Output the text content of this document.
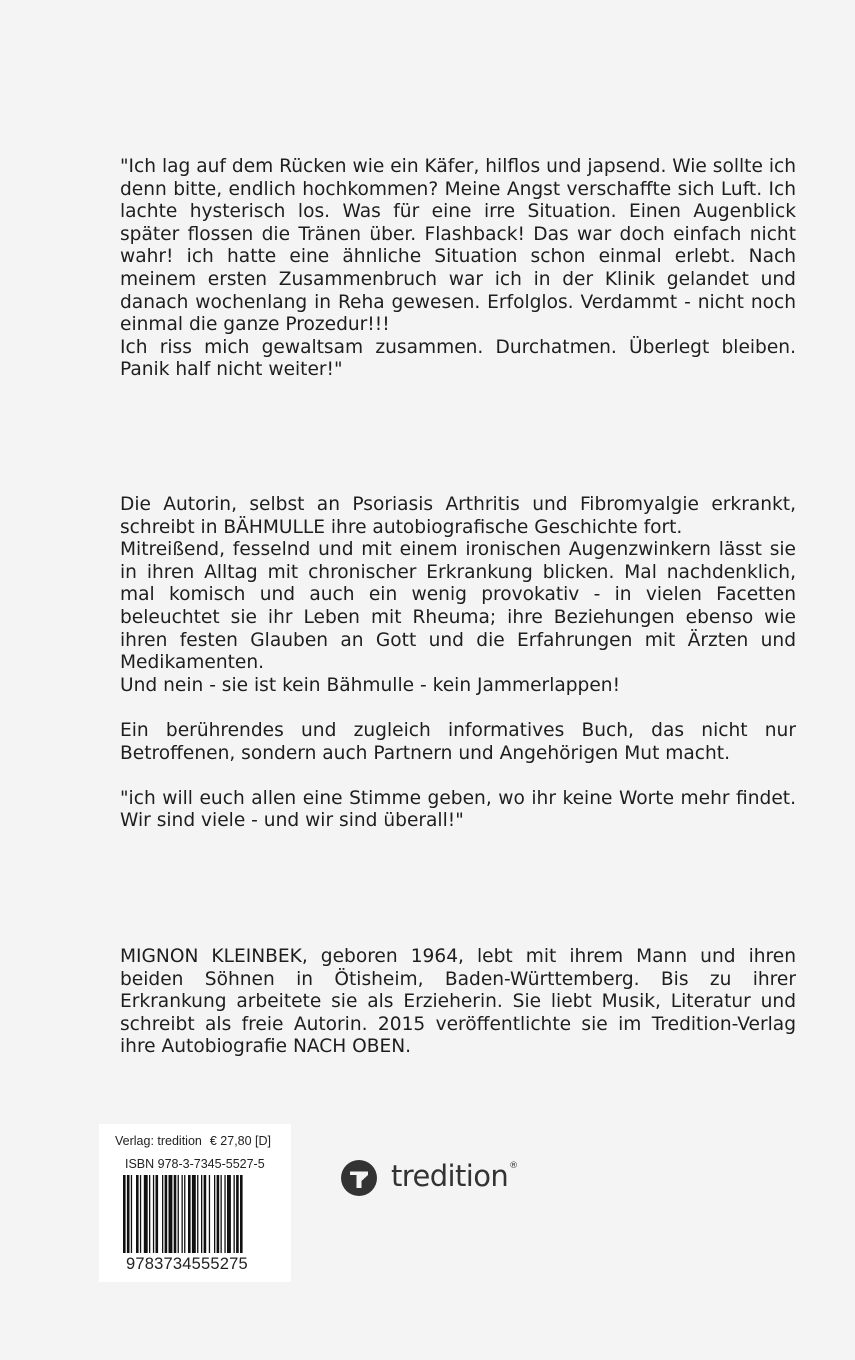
"Ich lag auf dem Rücken wie ein Käfer, hilflos und japsend. Wie sollte ich denn bitte, endlich hochkommen? Meine Angst verschaffte sich Luft. Ich lachte hysterisch los. Was für eine irre Situation. Einen Augenblick später flossen die Tränen über. Flashback! Das war doch einfach nicht wahr! ich hatte eine ähnliche Situation schon einmal erlebt. Nach meinem ersten Zusammenbruch war ich in der Klinik gelandet und danach wochenlang in Reha gewesen. Erfolglos. Verdammt - nicht noch einmal die ganze Prozedur!!!

Ich riss mich gewaltsam zusammen. Durchatmen. Überlegt bleiben. Panik half nicht weiter!"

Die Autorin, selbst an Psoriasis Arthritis und Fibromyalgie erkrankt, schreibt in BÄHMULLE ihre autobiografische Geschichte fort.

Mitreißend, fesselnd und mit einem ironischen Augenzwinkern lässt sie in ihren Alltag mit chronischer Erkrankung blicken. Mal nachdenklich, mal komisch und auch ein wenig provokativ - in vielen Facetten beleuchtet sie ihr Leben mit Rheuma; ihre Beziehungen ebenso wie ihren festen Glauben an Gott und die Erfahrungen mit Ärzten und Medikamenten.

Und nein - sie ist kein Bähmulle - kein Jammerlappen!

Ein berührendes und zugleich informatives Buch, das nicht nur Betroffenen, sondern auch Partnern und Angehörigen Mut macht.

"ich will euch allen eine Stimme geben, wo ihr keine Worte mehr findet. Wir sind viele - und wir sind überall!"

MIGNON KLEINBEK, geboren 1964, lebt mit ihrem Mann und ihren beiden Söhnen in Ötisheim, Baden-Württemberg. Bis zu ihrer Erkrankung arbeitete sie als Erzieherin. Sie liebt Musik, Literatur und schreibt als freie Autorin. 2015 veröffentlichte sie im Tredition-Verlag ihre Autobiografie NACH OBEN.

Verlag: tredition € 27,80 [D]
ISBN 978-3-7345-5527-5
9783734555275
tredition®
